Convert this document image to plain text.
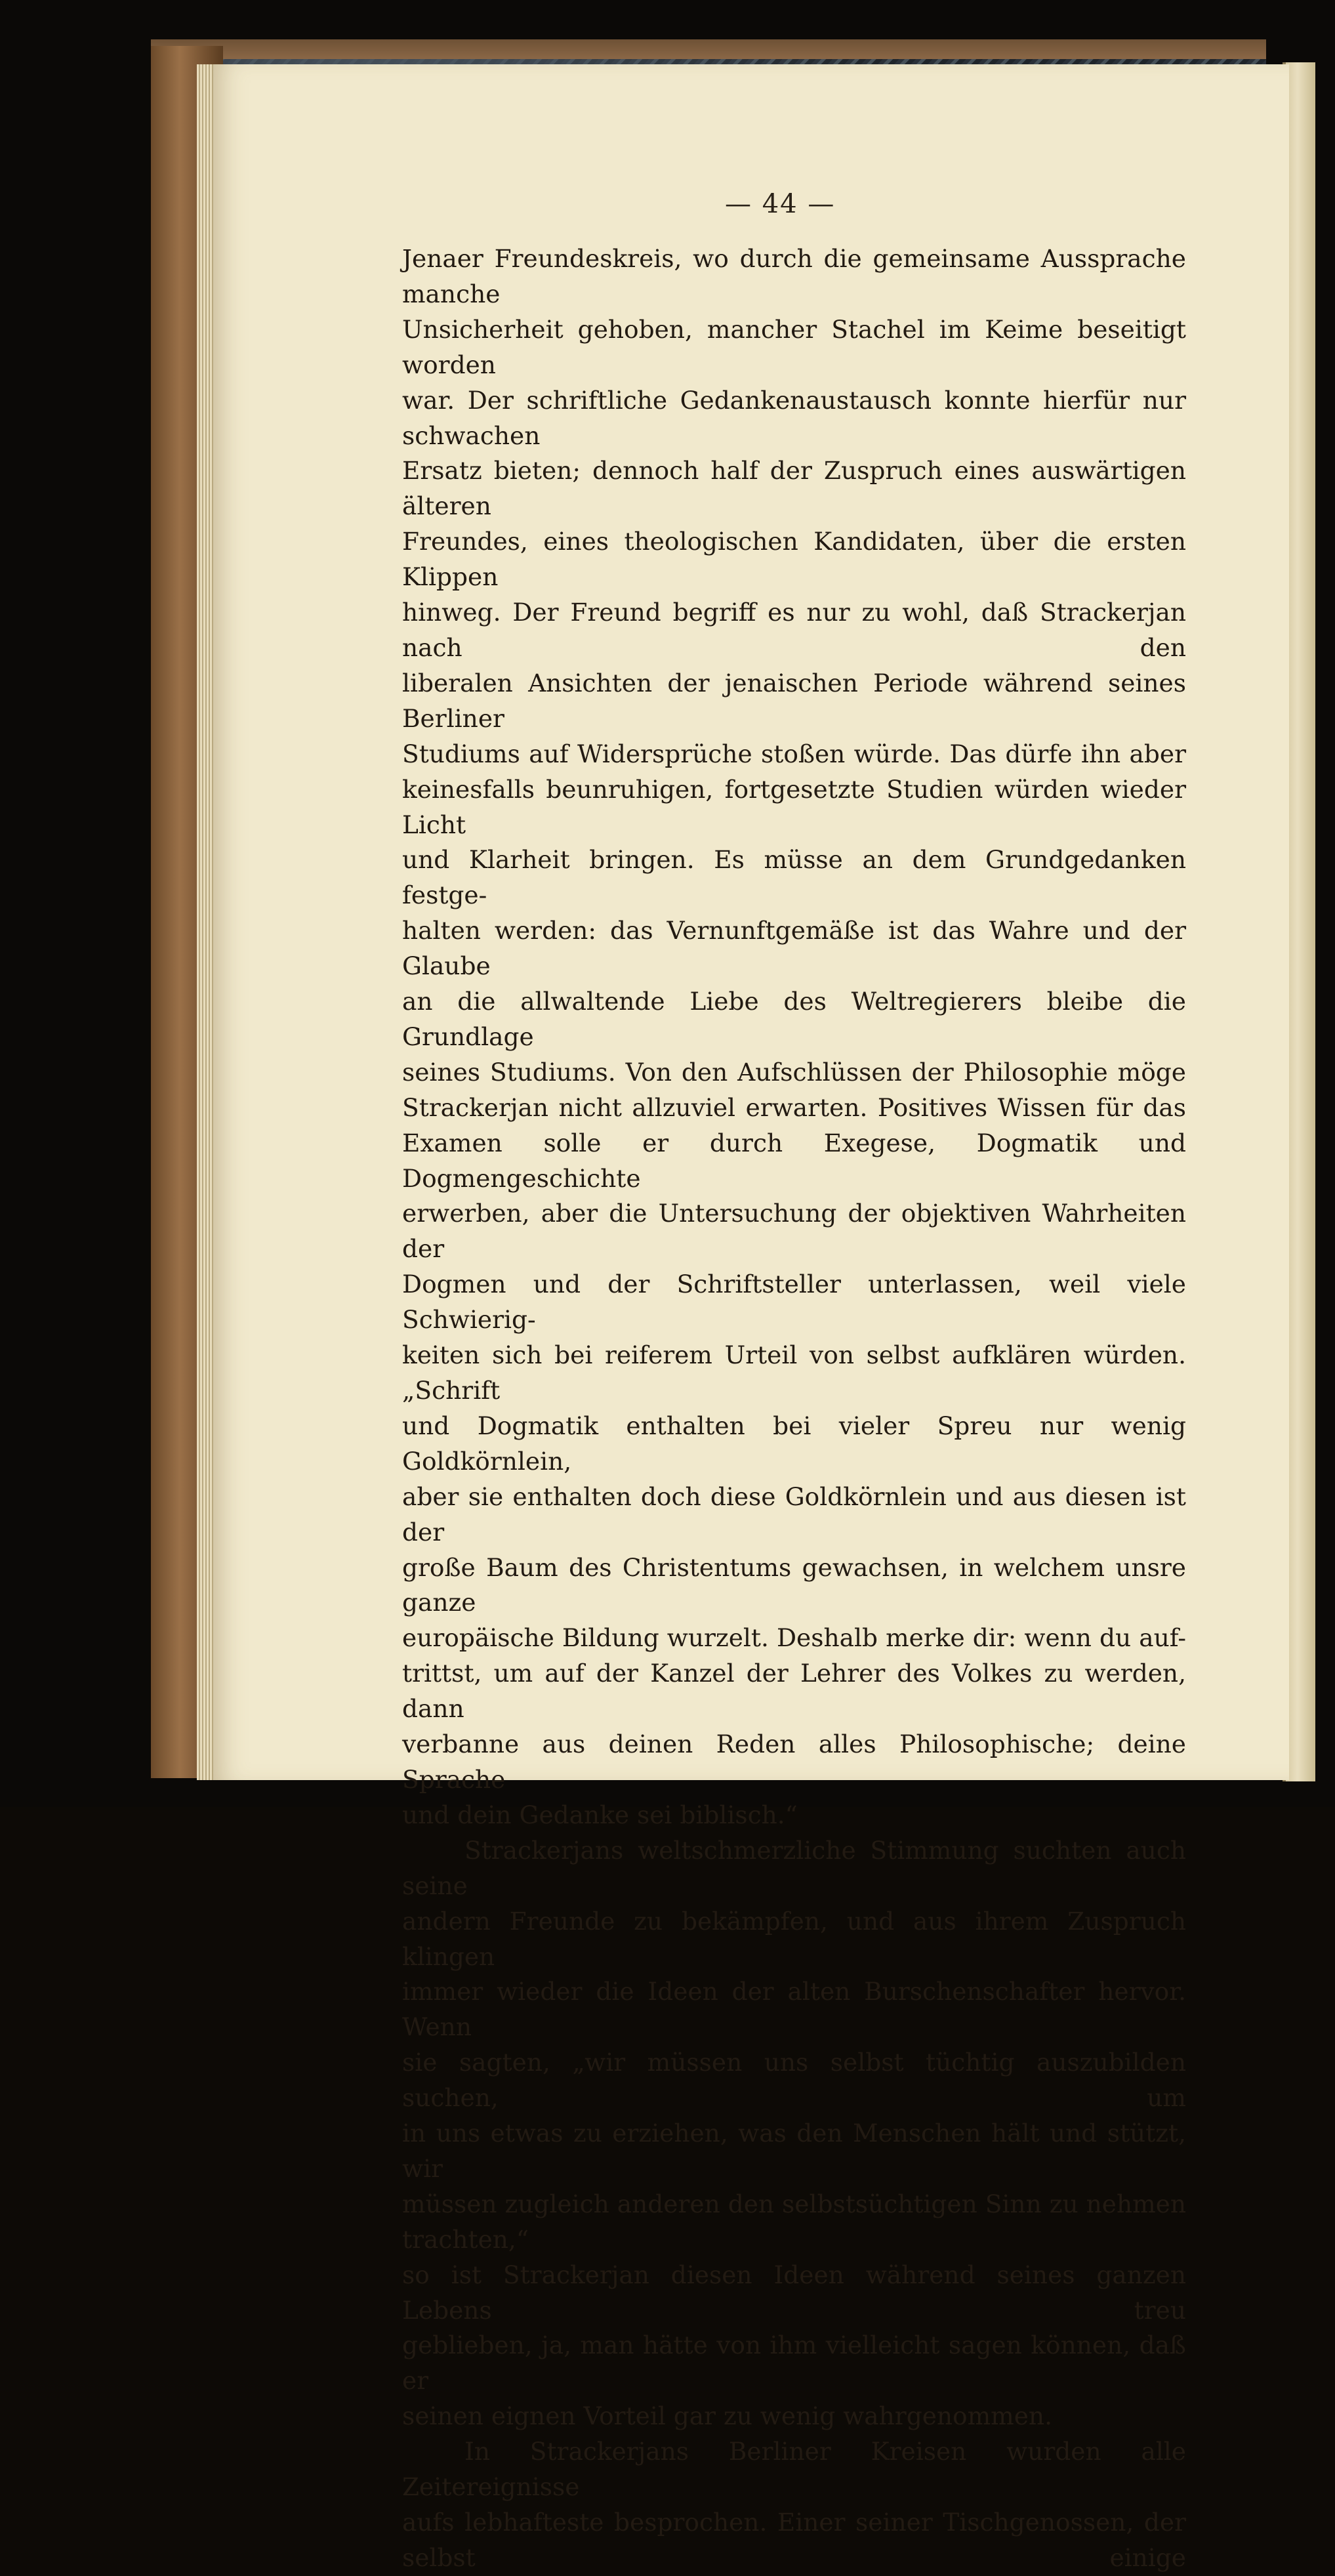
— 44 —

Jenaer Freundeskreis, wo durch die gemeinsame Aussprache manche

Unsicherheit gehoben, mancher Stachel im Keime beseitigt worden

war. Der schriftliche Gedankenaustausch konnte hierfür nur schwachen

Ersatz bieten; dennoch half der Zuspruch eines auswärtigen älteren

Freundes, eines theologischen Kandidaten, über die ersten Klippen

hinweg. Der Freund begriff es nur zu wohl, daß Strackerjan nach den

liberalen Ansichten der jenaischen Periode während seines Berliner

Studiums auf Widersprüche stoßen würde. Das dürfe ihn aber

keinesfalls beunruhigen, fortgesetzte Studien würden wieder Licht

und Klarheit bringen. Es müsse an dem Grundgedanken festge-

halten werden: das Vernunftgemäße ist das Wahre und der Glaube

an die allwaltende Liebe des Weltregierers bleibe die Grundlage

seines Studiums. Von den Aufschlüssen der Philosophie möge

Strackerjan nicht allzuviel erwarten. Positives Wissen für das

Examen solle er durch Exegese, Dogmatik und Dogmengeschichte

erwerben, aber die Untersuchung der objektiven Wahrheiten der

Dogmen und der Schriftsteller unterlassen, weil viele Schwierig-

keiten sich bei reiferem Urteil von selbst aufklären würden. „Schrift

und Dogmatik enthalten bei vieler Spreu nur wenig Goldkörnlein,

aber sie enthalten doch diese Goldkörnlein und aus diesen ist der

große Baum des Christentums gewachsen, in welchem unsre ganze

europäische Bildung wurzelt. Deshalb merke dir: wenn du auf-

trittst, um auf der Kanzel der Lehrer des Volkes zu werden, dann

verbanne aus deinen Reden alles Philosophische; deine Sprache

und dein Gedanke sei biblisch.“

Strackerjans weltschmerzliche Stimmung suchten auch seine

andern Freunde zu bekämpfen, und aus ihrem Zuspruch klingen

immer wieder die Ideen der alten Burschenschafter hervor. Wenn

sie sagten, „wir müssen uns selbst tüchtig auszubilden suchen, um

in uns etwas zu erziehen, was den Menschen hält und stützt, wir

müssen zugleich anderen den selbstsüchtigen Sinn zu nehmen trachten,“

so ist Strackerjan diesen Ideen während seines ganzen Lebens treu

geblieben, ja, man hätte von ihm vielleicht sagen können, daß er

seinen eignen Vorteil gar zu wenig wahrgenommen.

In Strackerjans Berliner Kreisen wurden alle Zeitereignisse

aufs lebhafteste besprochen. Einer seiner Tischgenossen, der selbst einige
